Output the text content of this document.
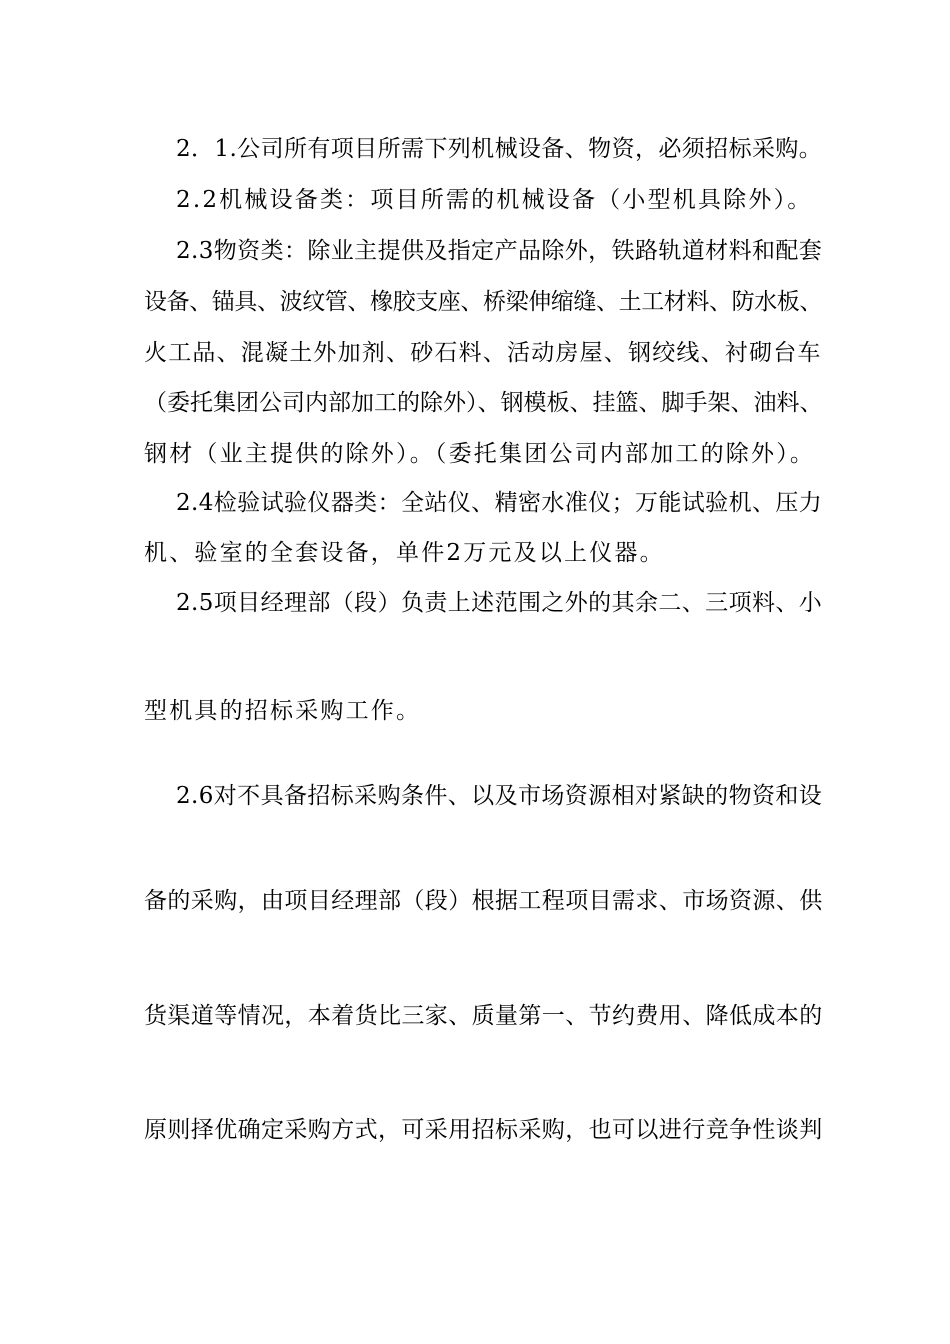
2．1.公司所有项目所需下列机械设备、物资，必须招标采购。
2.2机械设备类：项目所需的机械设备（小型机具除外）。
2.3物资类：除业主提供及指定产品除外，铁路轨道材料和配套
设备、锚具、波纹管、橡胶支座、桥梁伸缩缝、土工材料、防水板、
火工品、混凝土外加剂、砂石料、活动房屋、钢绞线、衬砌台车
（委托集团公司内部加工的除外）、钢模板、挂篮、脚手架、油料、
钢材（业主提供的除外）。（委托集团公司内部加工的除外）。
2.4检验试验仪器类：全站仪、精密水准仪；万能试验机、压力
机、验室的全套设备，单件2万元及以上仪器。
2.5项目经理部（段）负责上述范围之外的其余二、三项料、小
型机具的招标采购工作。
2.6对不具备招标采购条件、以及市场资源相对紧缺的物资和设
备的采购，由项目经理部（段）根据工程项目需求、市场资源、供
货渠道等情况，本着货比三家、质量第一、节约费用、降低成本的
原则择优确定采购方式，可采用招标采购，也可以进行竞争性谈判
